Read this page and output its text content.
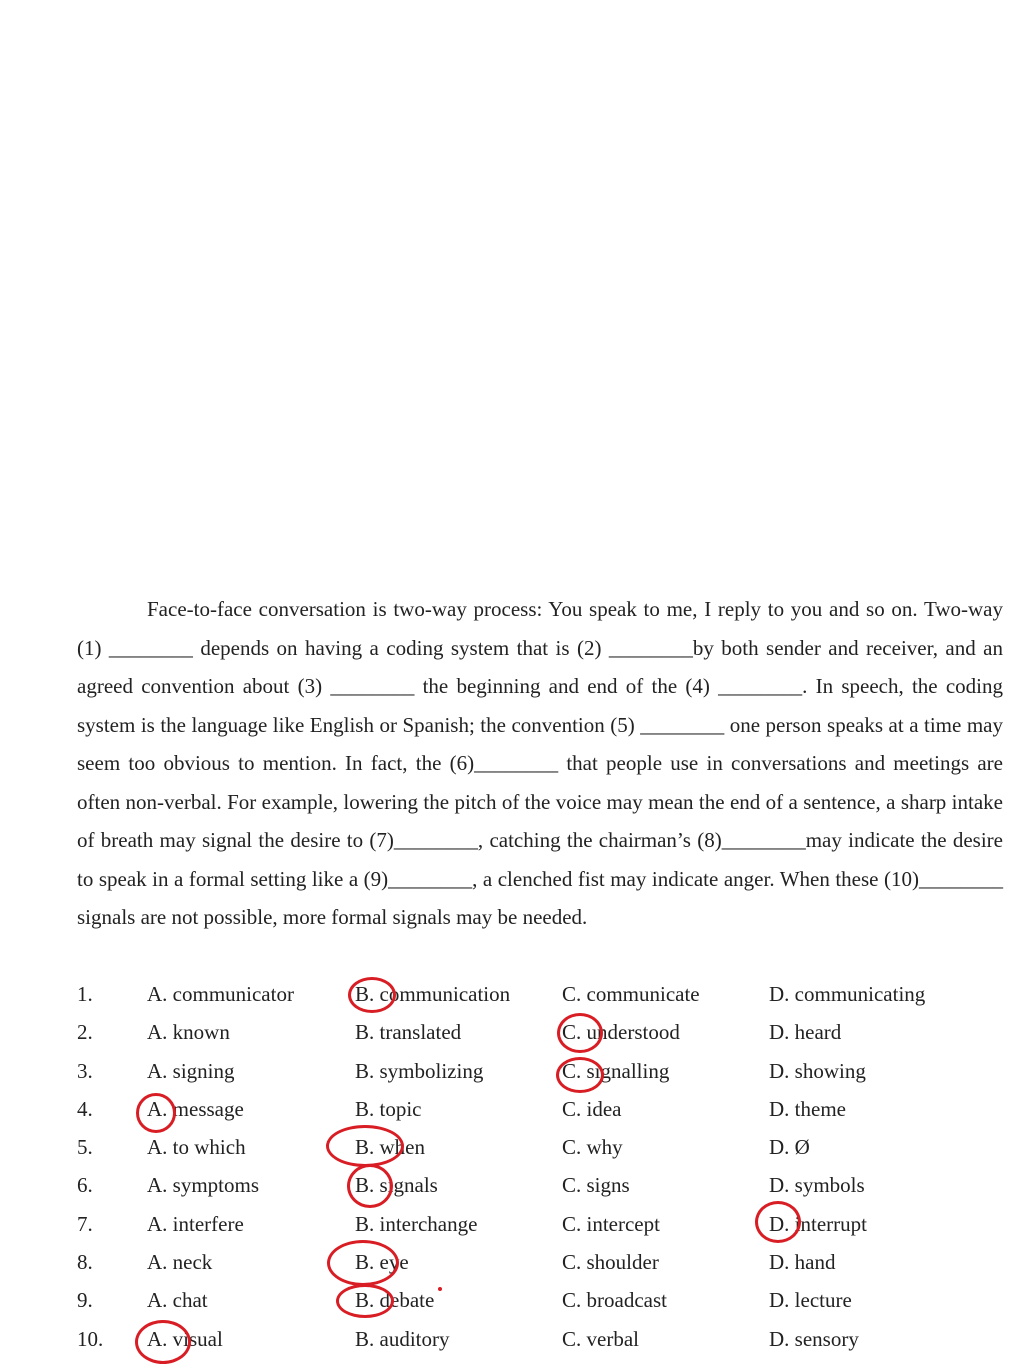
Face-to-face conversation is two-way process: You speak to me, I reply to you and so on. Two-way (1) ________ depends on having a coding system that is (2) ________by both sender and receiver, and an agreed convention about (3) ________ the beginning and end of the (4) ________. In speech, the coding system is the language like English or Spanish; the convention (5) ________ one person speaks at a time may seem too obvious to mention. In fact, the (6)________ that people use in conversations and meetings are often non-verbal. For example, lowering the pitch of the voice may mean the end of a sentence, a sharp intake of breath may signal the desire to (7)________, catching the chairman’s (8)________may indicate the desire to speak in a formal setting like a (9)________, a clenched fist may indicate anger. When these (10)________ signals are not possible, more formal signals may be needed.

1.	A. communicator	B. communication C. communicate	D. communicating
2.	A. known	B. translated	C. understood	D. heard
3.	A. signing	B. symbolizing	C. signalling	D. showing
4.	A. message	B. topic	C. idea	D. theme
5.	A. to which	B. when	C. why	D. Ø
6.	A. symptoms	B. signals	C. signs	D. symbols
7.	A. interfere	B. interchange	C. intercept	D. interrupt
8.	A. neck	B. eye	C. shoulder	D. hand
9.	A. chat	B. debate	C. broadcast	D. lecture
10. A. visual	B. auditory	C. verbal	D. sensory
